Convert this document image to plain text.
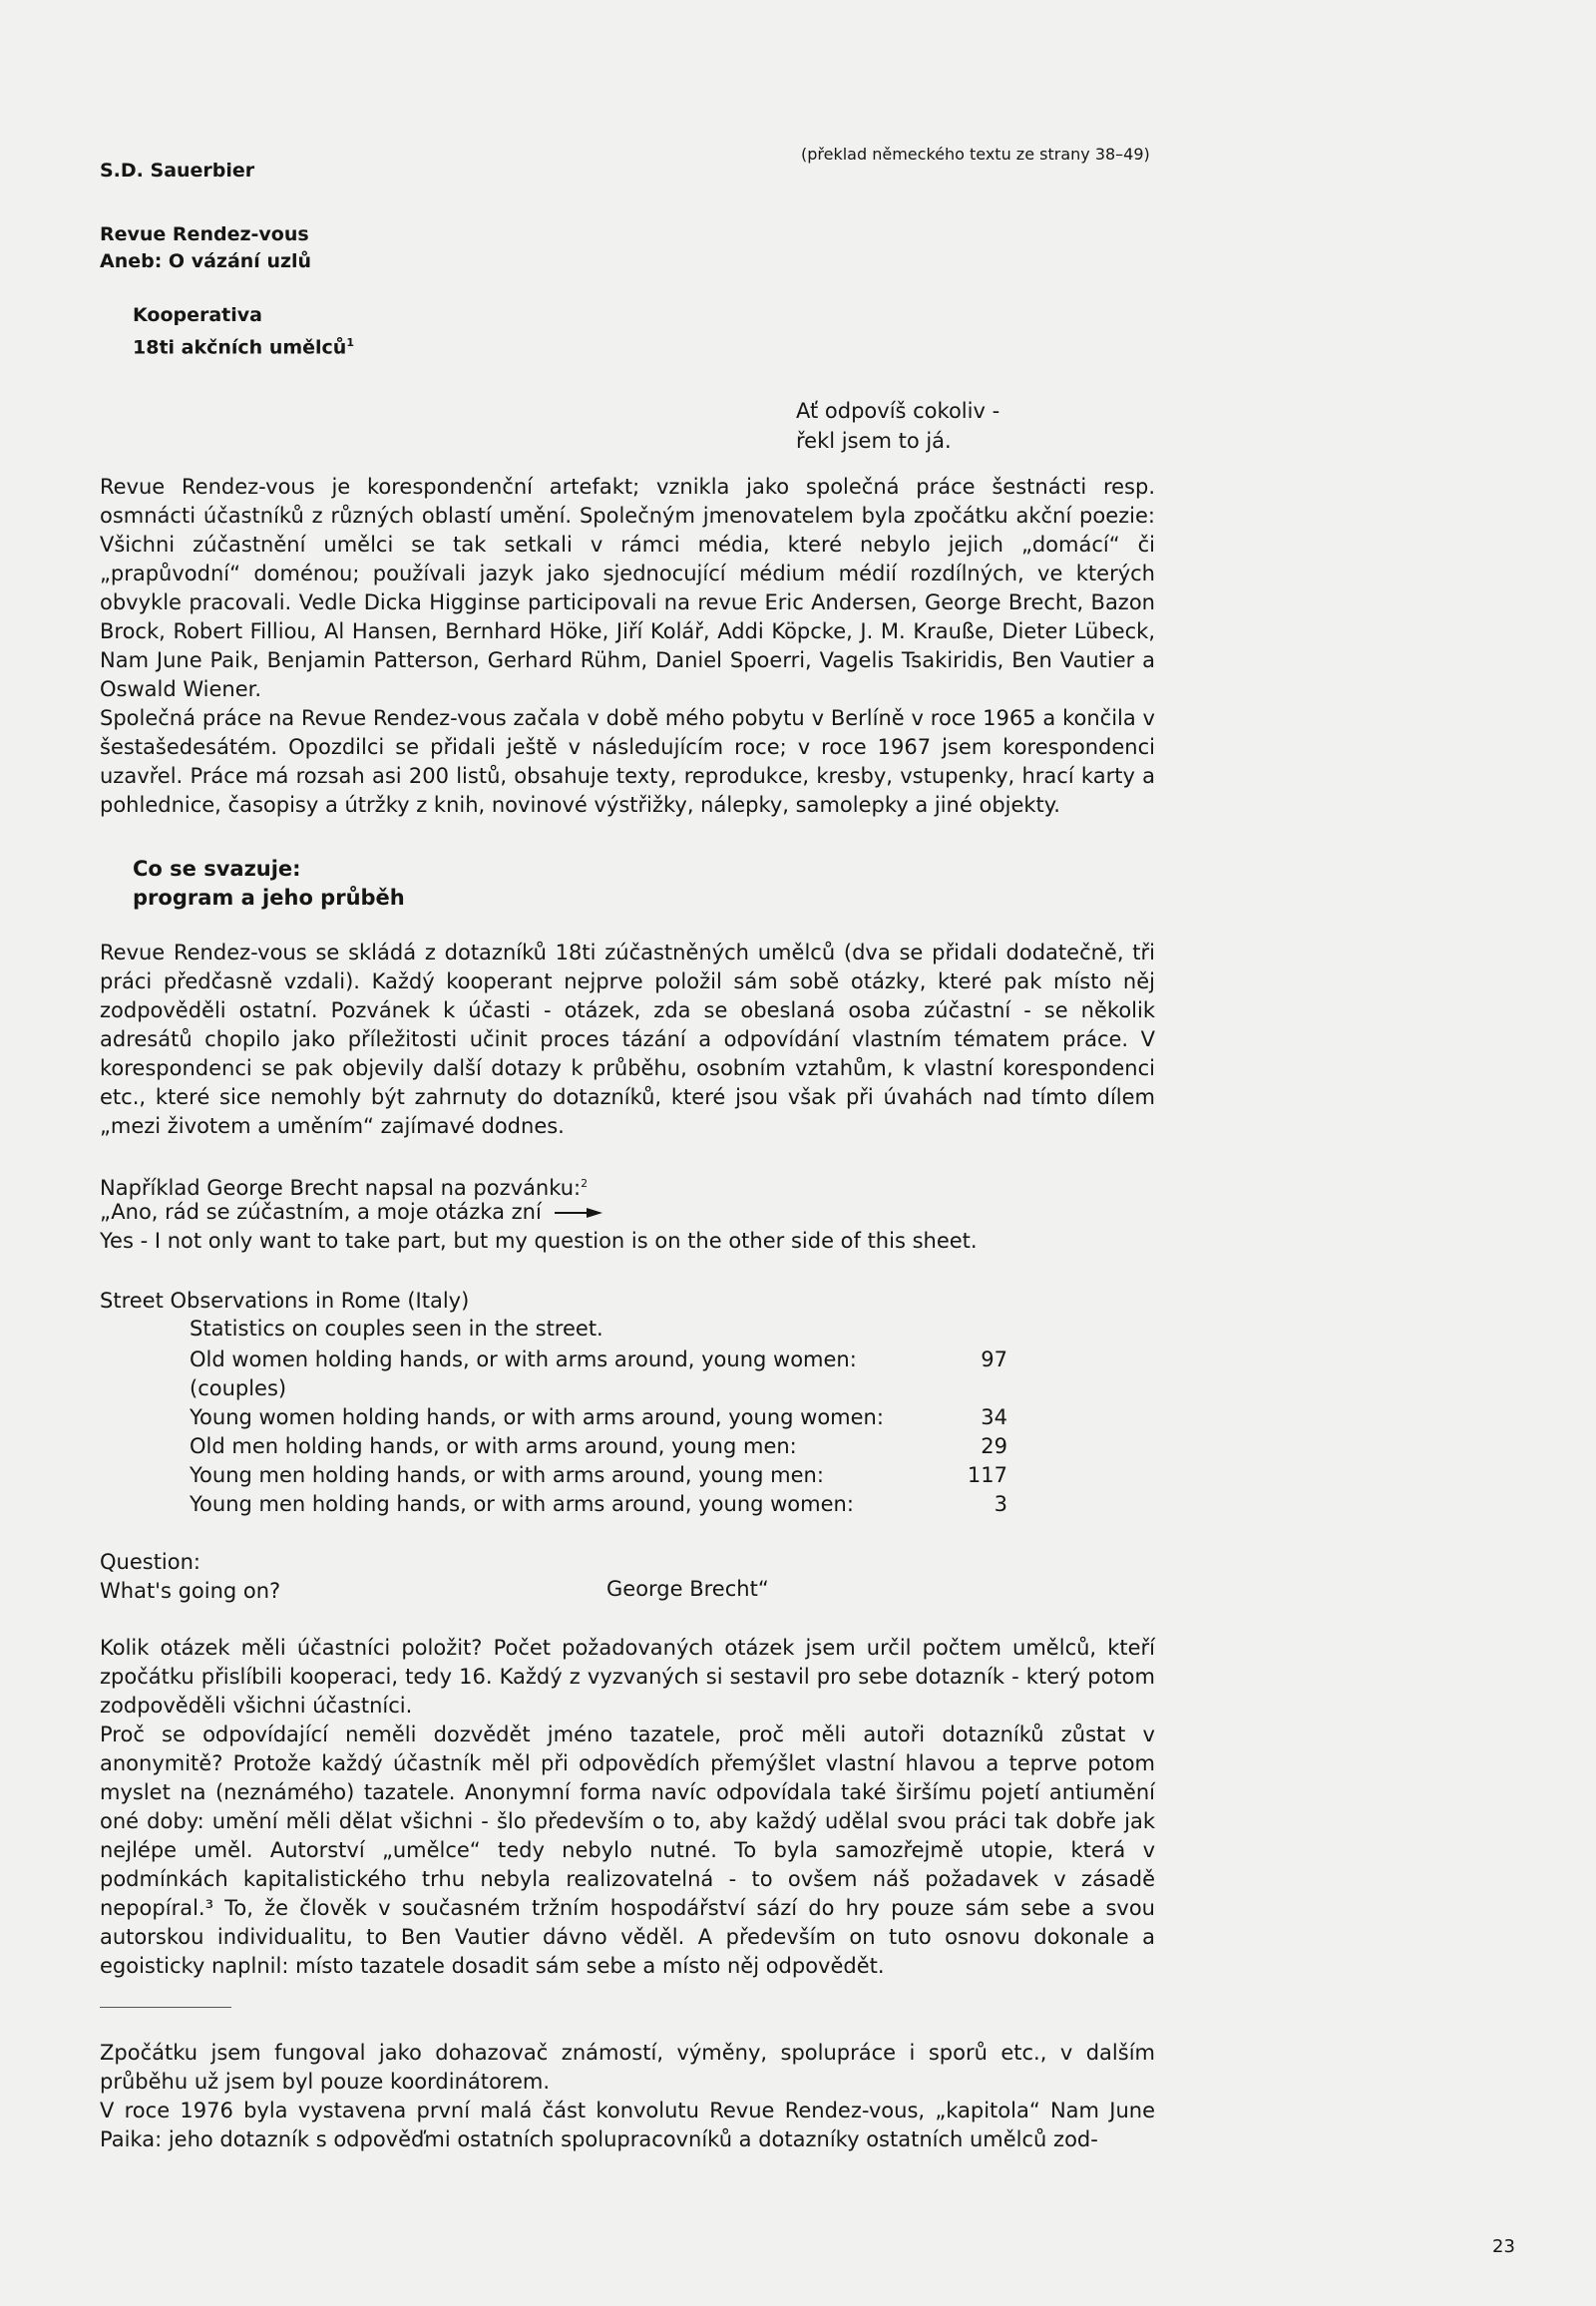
S.D. Sauerbier
(překlad německého textu ze strany 38–49)
Revue Rendez-vous
Aneb: O vázání uzlů
Kooperativa
18ti akčních umělců$^1$
Ať odpovíš cokoliv -
řekl jsem to já.

Revue Rendez-vous je korespondenční artefakt; vznikla jako společná práce šestnácti resp. osmnácti účastníků z různých oblastí umění. Společným jmenovatelem byla zpočátku akční poezie: Všichni zúčastnění umělci se tak setkali v rámci média, které nebylo jejich „domácí“ či „prapůvodní“ doménou; používali jazyk jako sjednocující médium médií rozdílných, ve kterých obvykle pracovali. Vedle Dicka Higginse participovali na revue Eric Andersen, George Brecht, Bazon Brock, Robert Filliou, Al Hansen, Bernhard Höke, Jiří Kolář, Addi Köpcke, J. M. Krauße, Dieter Lübeck, Nam June Paik, Benjamin Patterson, Gerhard Rühm, Daniel Spoerri, Vagelis Tsakiridis, Ben Vautier a Oswald Wiener.

Společná práce na Revue Rendez-vous začala v době mého pobytu v Berlíně v roce 1965 a končila v šestašedesátém. Opozdilci se přidali ještě v následujícím roce; v roce 1967 jsem korespondenci uzavřel. Práce má rozsah asi 200 listů, obsahuje texty, reprodukce, kresby, vstupenky, hrací karty a pohlednice, časopisy a útržky z knih, novinové výstřižky, nálepky, samolepky a jiné objekty.

Co se svazuje:
program a jeho průběh

Revue Rendez-vous se skládá z dotazníků 18ti zúčastněných umělců (dva se přidali dodatečně, tři práci předčasně vzdali). Každý kooperant nejprve položil sám sobě otázky, které pak místo něj zodpověděli ostatní. Pozvánek k účasti - otázek, zda se obeslaná osoba zúčastní - se několik adresátů chopilo jako příležitosti učinit proces tázání a odpovídání vlastním tématem práce. V korespondenci se pak objevily další dotazy k průběhu, osobním vztahům, k vlastní korespondenci etc., které sice nemohly být zahrnuty do dotazníků, které jsou však při úvahách nad tímto dílem „mezi životem a uměním“ zajímavé dodnes.

Například George Brecht napsal na pozvánku:$^2$
„Ano, rád se zúčastním, a moje otázka zní
Yes - I not only want to take part, but my question is on the other side of this sheet.
Street Observations in Rome (Italy)
Statistics on couples seen in the street.
Old women holding hands, or with arms around, young women:	97
(couples)
Young women holding hands, or with arms around, young women:	34
Old men holding hands, or with arms around, young men:	29
Young men holding hands, or with arms around, young men:	117
Young men holding hands, or with arms around, young women:	3
Question:
What's going on?	George Brecht“

Kolik otázek měli účastníci položit? Počet požadovaných otázek jsem určil počtem umělců, kteří zpočátku přislíbili kooperaci, tedy 16. Každý z vyzvaných si sestavil pro sebe dotazník - který potom zodpověděli všichni účastníci.

Proč se odpovídající neměli dozvědět jméno tazatele, proč měli autoři dotazníků zůstat v anonymitě? Protože každý účastník měl při odpovědích přemýšlet vlastní hlavou a teprve potom myslet na (neznámého) tazatele. Anonymní forma navíc odpovídala také širšímu pojetí antiumění oné doby: umění měli dělat všichni - šlo především o to, aby každý udělal svou práci tak dobře jak nejlépe uměl. Autorství „umělce“ tedy nebylo nutné. To byla samozřejmě utopie, která v podmínkách kapitalistického trhu nebyla realizovatelná - to ovšem náš požadavek v zásadě nepopíral.³ To, že člověk v současném tržním hospodářství sází do hry pouze sám sebe a svou autorskou individualitu, to Ben Vautier dávno věděl. A především on tuto osnovu dokonale a egoisticky naplnil: místo tazatele dosadit sám sebe a místo něj odpovědět.

Zpočátku jsem fungoval jako dohazovač známostí, výměny, spolupráce i sporů etc., v dalším průběhu už jsem byl pouze koordinátorem.

V roce 1976 byla vystavena první malá část konvolutu Revue Rendez-vous, „kapitola“ Nam June Paika: jeho dotazník s odpověďmi ostatních spolupracovníků a dotazníky ostatních umělců zod-

23
